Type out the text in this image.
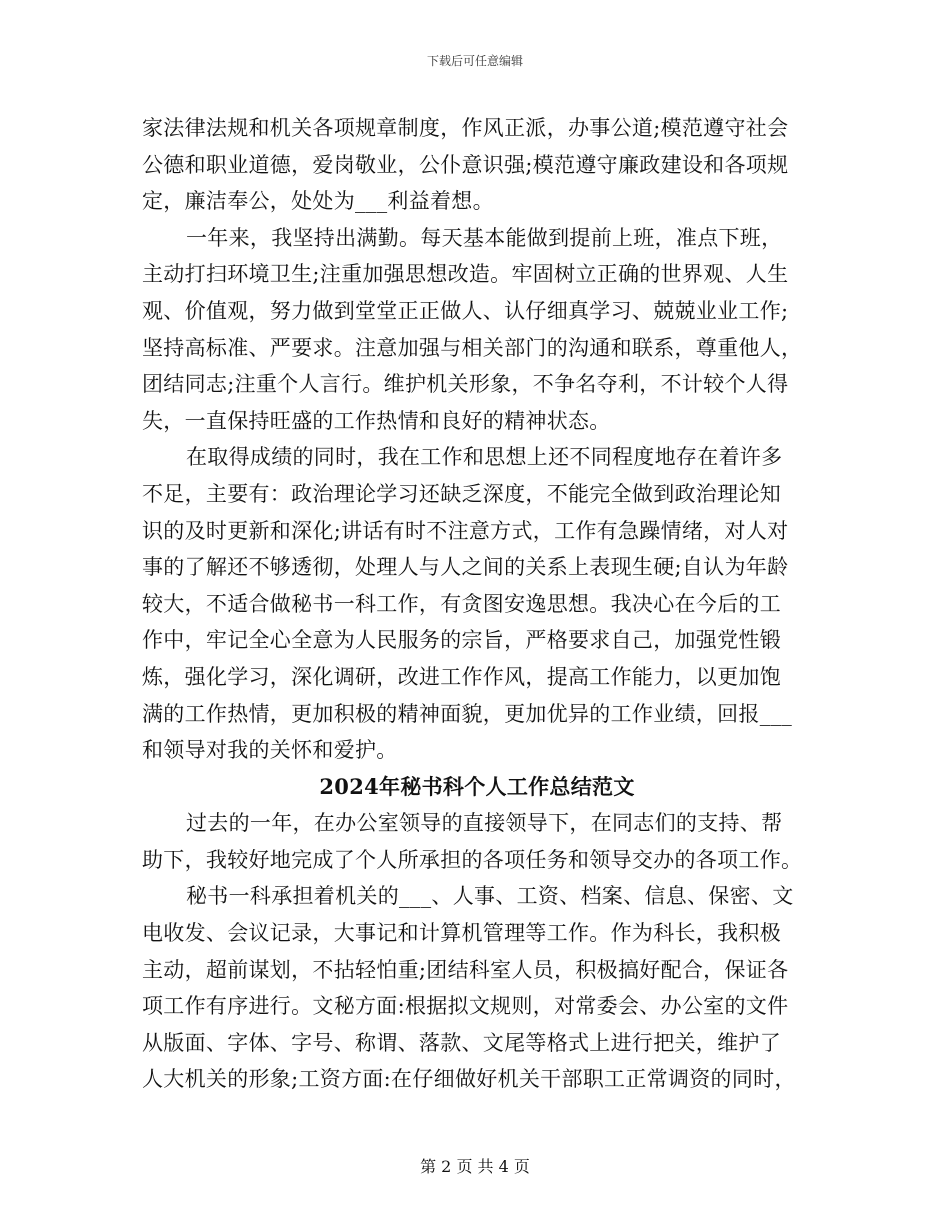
下载后可任意编辑

家法律法规和机关各项规章制度，作风正派，办事公道;模范遵守社会

公德和职业道德，爱岗敬业，公仆意识强;模范遵守廉政建设和各项规

定，廉洁奉公，处处为___利益着想。

一年来，我坚持出满勤。每天基本能做到提前上班，准点下班，

主动打扫环境卫生;注重加强思想改造。牢固树立正确的世界观、人生

观、价值观，努力做到堂堂正正做人、认仔细真学习、兢兢业业工作;

坚持高标准、严要求。注意加强与相关部门的沟通和联系，尊重他人，

团结同志;注重个人言行。维护机关形象，不争名夺利，不计较个人得

失，一直保持旺盛的工作热情和良好的精神状态。

在取得成绩的同时，我在工作和思想上还不同程度地存在着许多

不足，主要有：政治理论学习还缺乏深度，不能完全做到政治理论知

识的及时更新和深化;讲话有时不注意方式，工作有急躁情绪，对人对

事的了解还不够透彻，处理人与人之间的关系上表现生硬;自认为年龄

较大，不适合做秘书一科工作，有贪图安逸思想。我决心在今后的工

作中，牢记全心全意为人民服务的宗旨，严格要求自己，加强党性锻

炼，强化学习，深化调研，改进工作作风，提高工作能力，以更加饱

满的工作热情，更加积极的精神面貌，更加优异的工作业绩，回报___

和领导对我的关怀和爱护。

2024年秘书科个人工作总结范文

过去的一年，在办公室领导的直接领导下，在同志们的支持、帮

助下，我较好地完成了个人所承担的各项任务和领导交办的各项工作。

秘书一科承担着机关的___、人事、工资、档案、信息、保密、文

电收发、会议记录，大事记和计算机管理等工作。作为科长，我积极

主动，超前谋划，不拈轻怕重;团结科室人员，积极搞好配合，保证各

项工作有序进行。文秘方面:根据拟文规则，对常委会、办公室的文件

从版面、字体、字号、称谓、落款、文尾等格式上进行把关，维护了

人大机关的形象;工资方面:在仔细做好机关干部职工正常调资的同时，

第 2 页 共 4 页
